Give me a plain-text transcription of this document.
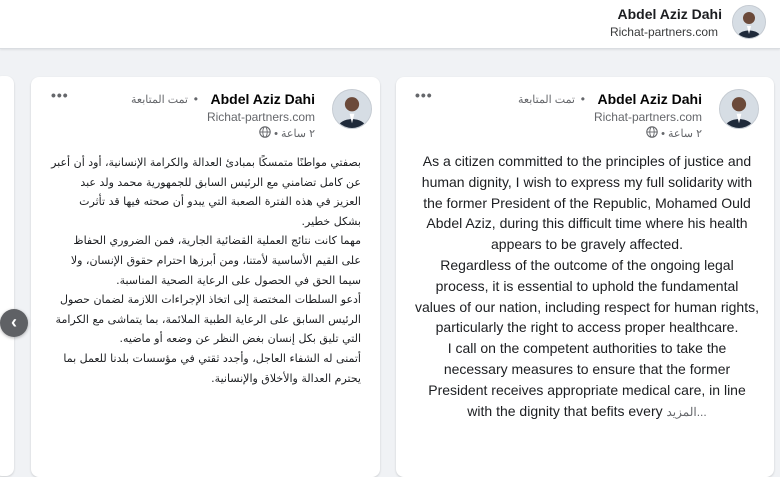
Abdel Aziz Dahi
Richat-partners.com
Abdel Aziz Dahi
•
تمت المتابعة
Richat-partners.com
٢ ساعة •
•••

بصفتي مواطنًا متمسكًا بمبادئ العدالة والكرامة الإنسانية، أود أن أعبر عن كامل تضامني مع الرئيس السابق للجمهورية محمد ولد عبد العزيز في هذه الفترة الصعبة التي يبدو أن صحته فيها قد تأثرت بشكل خطير.

مهما كانت نتائج العملية القضائية الجارية، فمن الضروري الحفاظ على القيم الأساسية لأمتنا، ومن أبرزها احترام حقوق الإنسان، ولا سيما الحق في الحصول على الرعاية الصحية المناسبة.

أدعو السلطات المختصة إلى اتخاذ الإجراءات اللازمة لضمان حصول الرئيس السابق على الرعاية الطبية الملائمة، بما يتماشى مع الكرامة التي تليق بكل إنسان بغض النظر عن وضعه أو ماضيه.

أتمنى له الشفاء العاجل، وأجدد ثقتي في مؤسسات بلدنا للعمل بما يحترم العدالة والأخلاق والإنسانية.

Abdel Aziz Dahi
•
تمت المتابعة
Richat-partners.com
٢ ساعة •
•••

As a citizen committed to the principles of justice and human dignity, I wish to express my full solidarity with the former President of the Republic, Mohamed Ould Abdel Aziz, during this difficult time where his health appears to be gravely affected.

Regardless of the outcome of the ongoing legal process, it is essential to uphold the fundamental values of our nation, including respect for human rights, particularly the right to access proper healthcare.

I call on the competent authorities to take the necessary measures to ensure that the former President receives appropriate medical care, in line with the dignity that befits every المزيد...

‹
